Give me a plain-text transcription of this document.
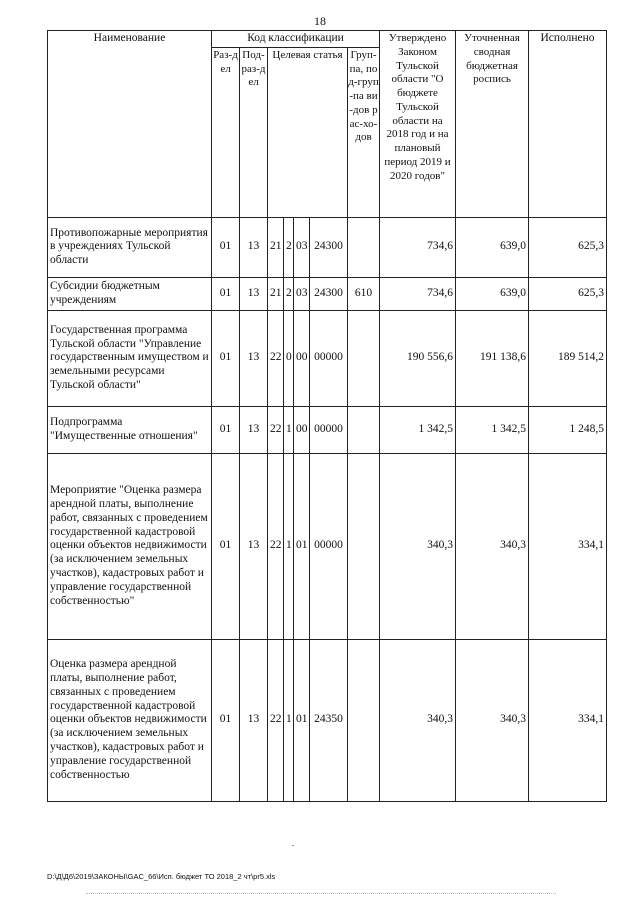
18
Наименование	Код классификации							Утверждено Законом Тульской области "О бюджете Тульской области на 2018 год и на плановый период 2019 и 2020 годов"	Уточненная сводная бюджетная роспись	Исполнено
	Раз-дел	Под-раз-дел	Целевая статья				Груп-па, под-груп-па ви-дов рас-хо-дов			
Противопожарные мероприятия в учреждениях Тульской области	01	13	21	2	03	24300		734,6	639,0	625,3
Субсидии бюджетным учреждениям	01	13	21	2	03	24300	610	734,6	639,0	625,3
Государственная программа Тульской области "Управление государственным имуществом и земельными ресурсами Тульской области"	01	13	22	0	00	00000		190 556,6	191 138,6	189 514,2
Подпрограмма "Имущественные отношения"	01	13	22	1	00	00000		1 342,5	1 342,5	1 248,5
Мероприятие "Оценка размера арендной платы, выполнение работ, связанных с проведением государственной кадастровой оценки объектов недвижимости (за исключением земельных участков), кадастровых работ и управление государственной собственностью"	01	13	22	1	01	00000		340,3	340,3	334,1
Оценка размера арендной платы, выполнение работ, связанных с проведением государственной кадастровой оценки объектов недвижимости (за исключением земельных участков), кадастровых работ и управление государственной собственностью	01	13	22	1	01	24350		340,3	340,3	334,1
D:\Д\Д6\2019\ЗАКОНЫ\GAC_66\Исп. бюджет ТО 2018_2 чт\pr5.xls
